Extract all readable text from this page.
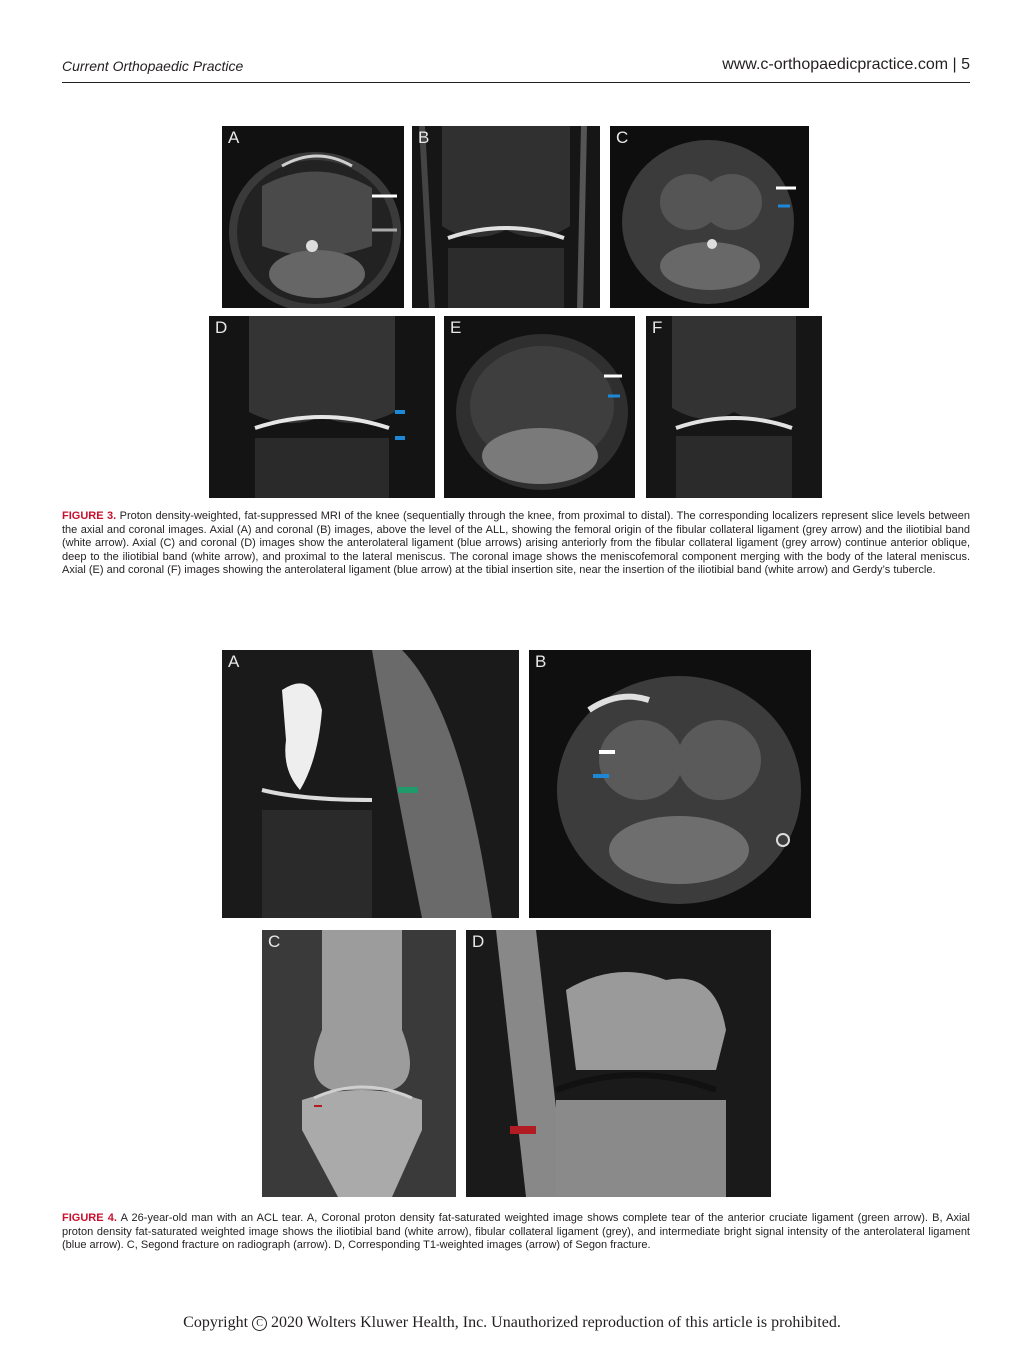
Current Orthopaedic Practice	www.c-orthopaedicpractice.com | 5
A	B	C
D	E	F
FIGURE 3. Proton density-weighted, fat-suppressed MRI of the knee (sequentially through the knee, from proximal to distal). The corresponding localizers represent slice levels between the axial and coronal images. Axial (A) and coronal (B) images, above the level of the ALL, showing the femoral origin of the fibular collateral ligament (grey arrow) and the iliotibial band (white arrow). Axial (C) and coronal (D) images show the anterolateral ligament (blue arrows) arising anteriorly from the fibular collateral ligament (grey arrow) continue anterior oblique, deep to the iliotibial band (white arrow), and proximal to the lateral meniscus. The coronal image shows the meniscofemoral component merging with the body of the lateral meniscus. Axial (E) and coronal (F) images showing the anterolateral ligament (blue arrow) at the tibial insertion site, near the insertion of the iliotibial band (white arrow) and Gerdy’s tubercle.
A	B
C	D
FIGURE 4. A 26-year-old man with an ACL tear. A, Coronal proton density fat-saturated weighted image shows complete tear of the anterior cruciate ligament (green arrow). B, Axial proton density fat-saturated weighted image shows the iliotibial band (white arrow), fibular collateral ligament (grey), and intermediate bright signal intensity of the anterolateral ligament (blue arrow). C, Segond fracture on radiograph (arrow). D, Corresponding T1-weighted images (arrow) of Segon fracture.
Copyright C 2020 Wolters Kluwer Health, Inc. Unauthorized reproduction of this article is prohibited.
